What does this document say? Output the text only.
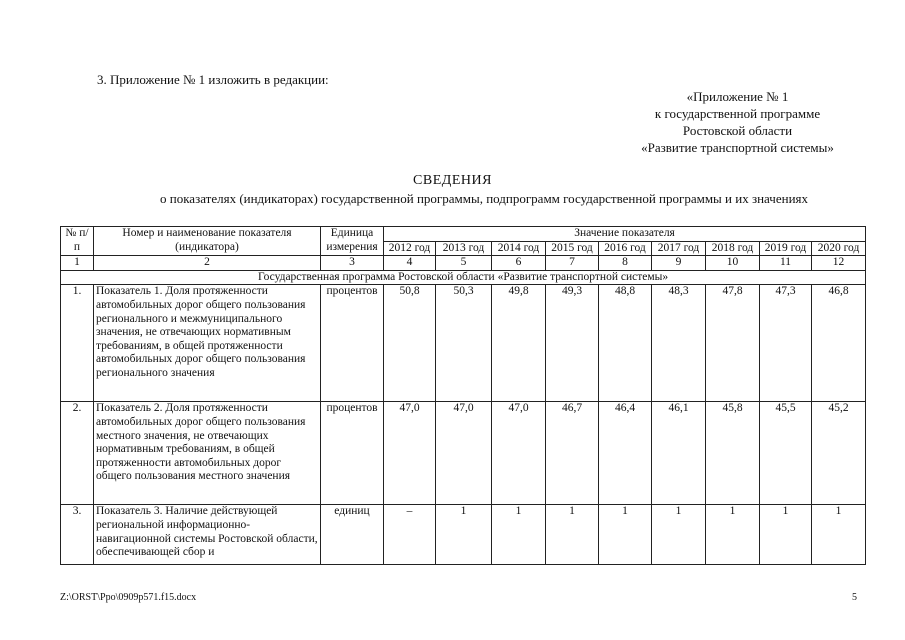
3. Приложение № 1 изложить в редакции:
«Приложение № 1
к государственной программе
Ростовской области
«Развитие транспортной системы»
СВЕДЕНИЯ
о показателях (индикаторах) государственной программы, подпрограмм государственной программы и их значениях
№ п/п	Номер и наименование показателя (индикатора)	Единица измерения	Значение показателя								
			2012 год	2013 год	2014 год	2015 год	2016 год	2017 год	2018 год	2019 год	2020 год
1	2	3	4	5	6	7	8	9	10	11	12
Государственная программа Ростовской области «Развитие транспортной системы»											
1.	Показатель 1. Доля протяженности автомобильных дорог общего пользования регионального и межмуниципального значения, не отвечающих нормативным требованиям, в общей протяженности автомобильных дорог общего пользования регионального значения	процентов	50,8	50,3	49,8	49,3	48,8	48,3	47,8	47,3	46,8
2.	Показатель 2. Доля протяженности автомобильных дорог общего пользования местного значения, не отвечающих нормативным требованиям, в общей протяженности автомобильных дорог общего пользования местного значения	процентов	47,0	47,0	47,0	46,7	46,4	46,1	45,8	45,5	45,2
3.	Показатель 3. Наличие действующей региональной информационно-навигационной системы Ростовской области, обеспечивающей сбор и	единиц	–	1	1	1	1	1	1	1	1
Z:\ORST\Ppo\0909p571.f15.docx	5
